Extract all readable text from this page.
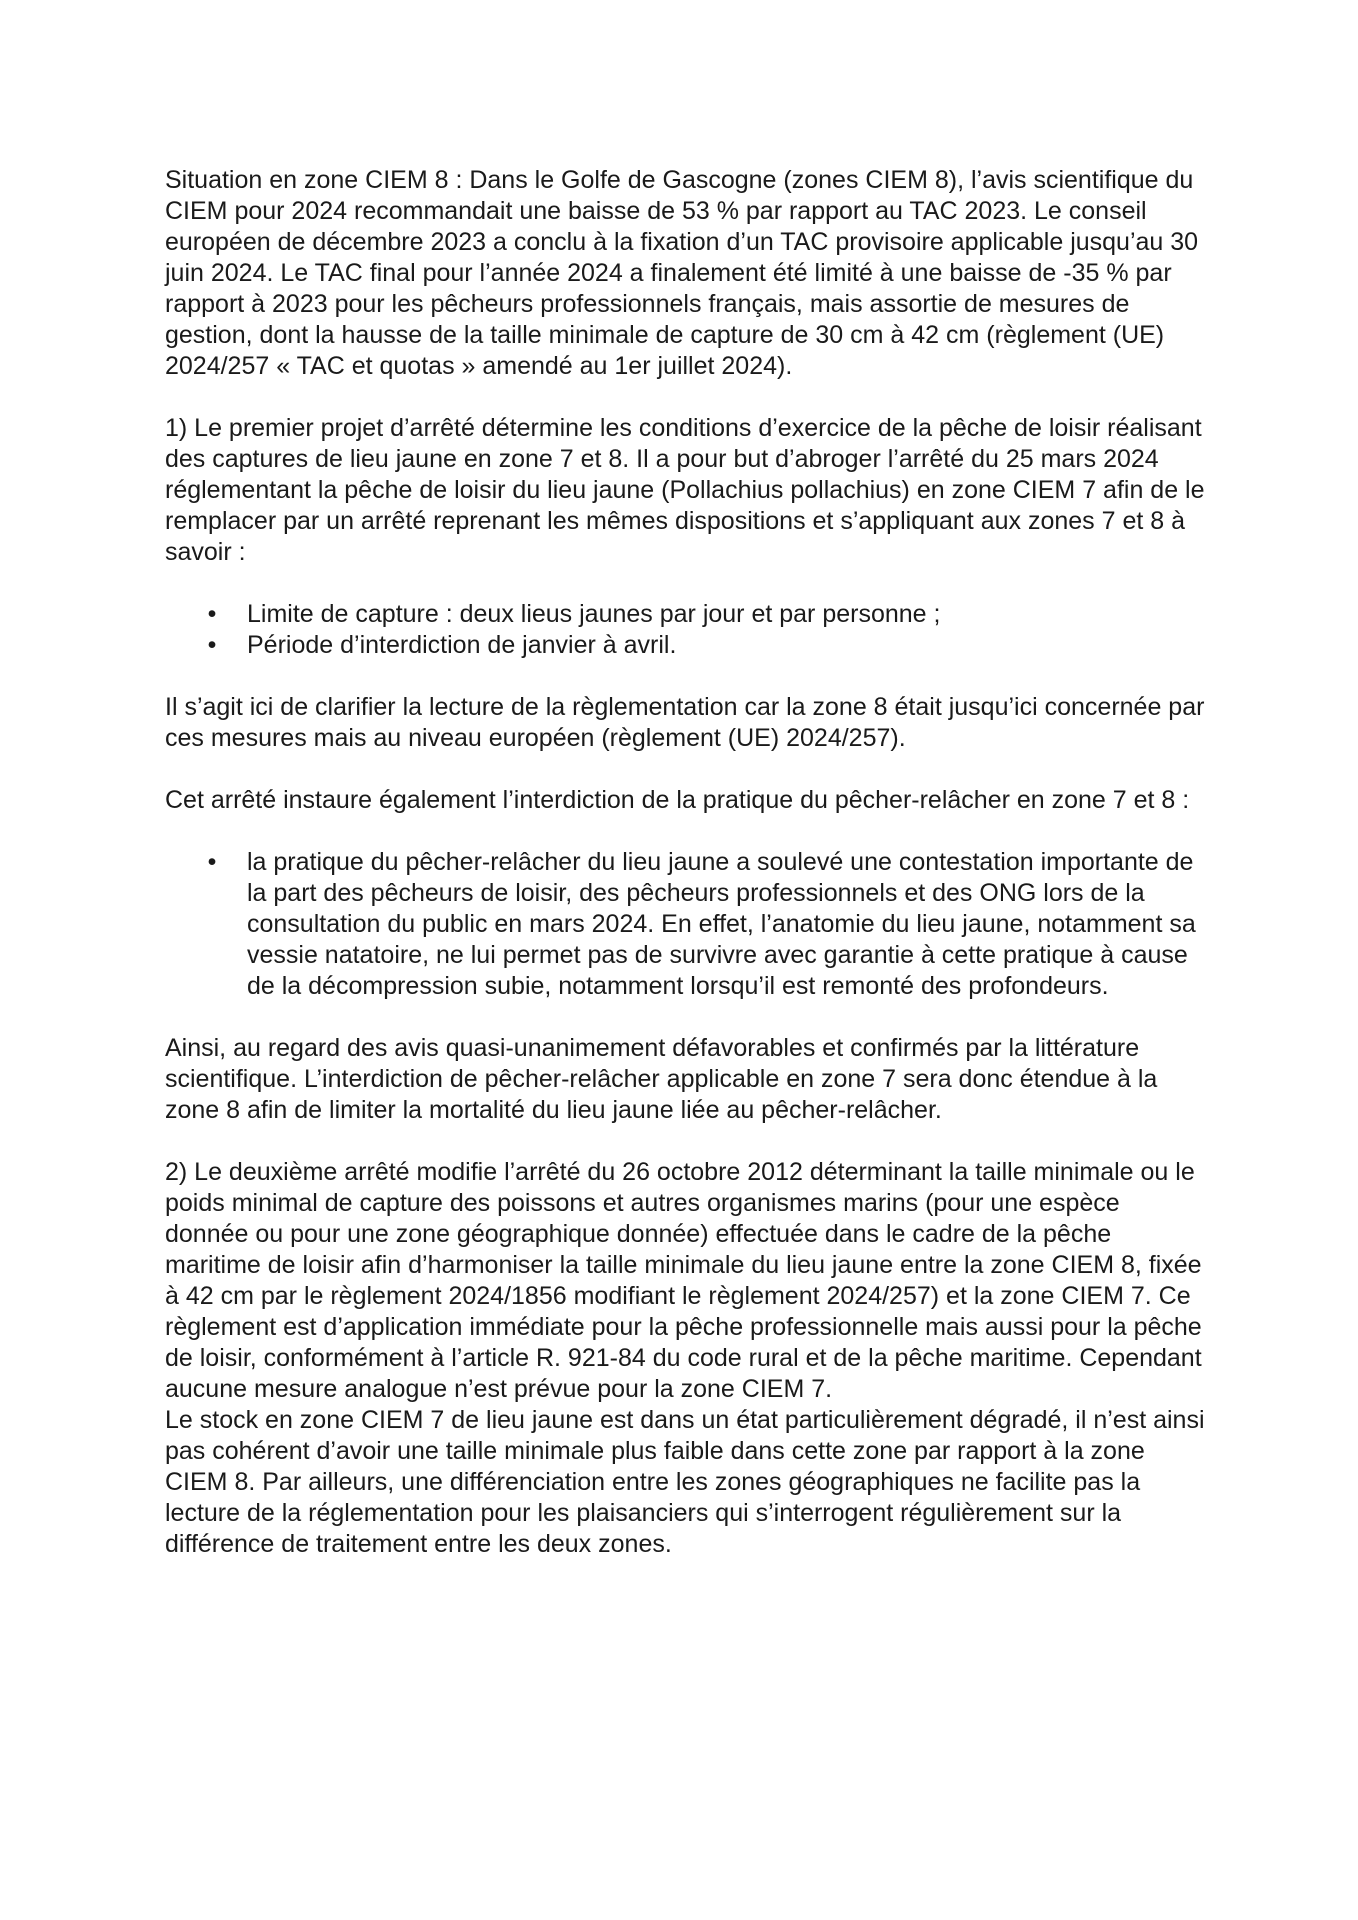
Situation en zone CIEM 8 : Dans le Golfe de Gascogne (zones CIEM 8), l’avis scientifique du CIEM pour 2024 recommandait une baisse de 53 % par rapport au TAC 2023. Le conseil européen de décembre 2023 a conclu à la fixation d’un TAC provisoire applicable jusqu’au 30 juin 2024. Le TAC final pour l’année 2024 a finalement été limité à une baisse de -35 % par rapport à 2023 pour les pêcheurs professionnels français, mais assortie de mesures de gestion, dont la hausse de la taille minimale de capture de 30 cm à 42 cm (règlement (UE) 2024/257 « TAC et quotas » amendé au 1er juillet 2024).

1) Le premier projet d’arrêté détermine les conditions d’exercice de la pêche de loisir réalisant des captures de lieu jaune en zone 7 et 8. Il a pour but d’abroger l’arrêté du 25 mars 2024 réglementant la pêche de loisir du lieu jaune (Pollachius pollachius) en zone CIEM 7 afin de le remplacer par un arrêté reprenant les mêmes dispositions et s’appliquant aux zones 7 et 8 à savoir :

• Limite de capture : deux lieus jaunes par jour et par personne ;
• Période d’interdiction de janvier à avril.

Il s’agit ici de clarifier la lecture de la règlementation car la zone 8 était jusqu’ici concernée par ces mesures mais au niveau européen (règlement (UE) 2024/257).

Cet arrêté instaure également l’interdiction de la pratique du pêcher-relâcher en zone 7 et 8 :

• la pratique du pêcher-relâcher du lieu jaune a soulevé une contestation importante de la part des pêcheurs de loisir, des pêcheurs professionnels et des ONG lors de la consultation du public en mars 2024. En effet, l’anatomie du lieu jaune, notamment sa vessie natatoire, ne lui permet pas de survivre avec garantie à cette pratique à cause de la décompression subie, notamment lorsqu’il est remonté des profondeurs.

Ainsi, au regard des avis quasi-unanimement défavorables et confirmés par la littérature scientifique. L’interdiction de pêcher-relâcher applicable en zone 7 sera donc étendue à la zone 8 afin de limiter la mortalité du lieu jaune liée au pêcher-relâcher.

2) Le deuxième arrêté modifie l’arrêté du 26 octobre 2012 déterminant la taille minimale ou le poids minimal de capture des poissons et autres organismes marins (pour une espèce donnée ou pour une zone géographique donnée) effectuée dans le cadre de la pêche maritime de loisir afin d’harmoniser la taille minimale du lieu jaune entre la zone CIEM 8, fixée à 42 cm par le règlement 2024/1856 modifiant le règlement 2024/257) et la zone CIEM 7. Ce règlement est d’application immédiate pour la pêche professionnelle mais aussi pour la pêche de loisir, conformément à l’article R. 921-84 du code rural et de la pêche maritime. Cependant aucune mesure analogue n’est prévue pour la zone CIEM 7.

Le stock en zone CIEM 7 de lieu jaune est dans un état particulièrement dégradé, il n’est ainsi pas cohérent d’avoir une taille minimale plus faible dans cette zone par rapport à la zone CIEM 8. Par ailleurs, une différenciation entre les zones géographiques ne facilite pas la lecture de la réglementation pour les plaisanciers qui s’interrogent régulièrement sur la différence de traitement entre les deux zones.
